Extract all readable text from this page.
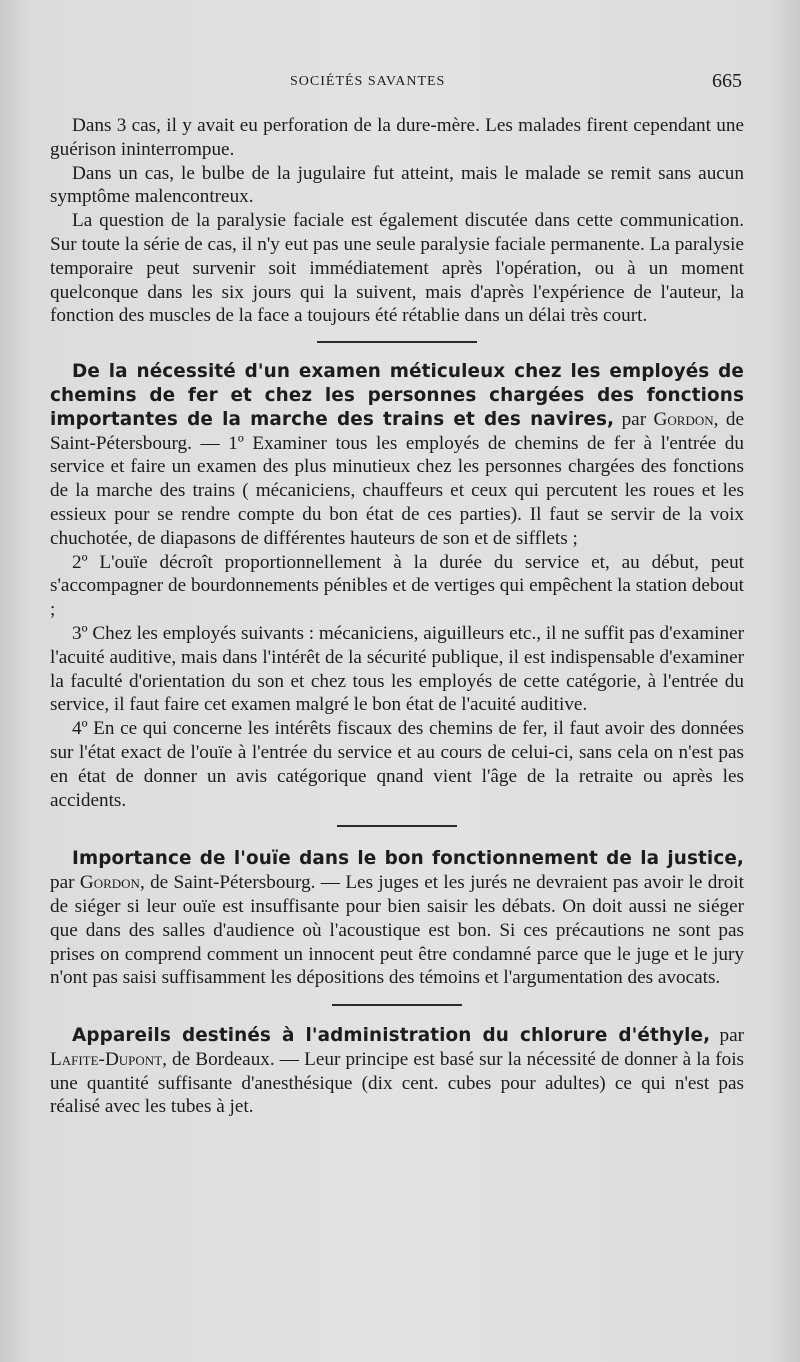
SOCIÉTÉS SAVANTES	665

Dans 3 cas, il y avait eu perforation de la dure-mère. Les malades firent cependant une guérison ininterrompue.

Dans un cas, le bulbe de la jugulaire fut atteint, mais le malade se remit sans aucun symptôme malencontreux.

La question de la paralysie faciale est également discutée dans cette communication. Sur toute la série de cas, il n'y eut pas une seule paralysie faciale permanente. La paralysie temporaire peut survenir soit immédiatement après l'opération, ou à un moment quelconque dans les six jours qui la suivent, mais d'après l'expérience de l'auteur, la fonction des muscles de la face a toujours été rétablie dans un délai très court.

De la nécessité d'un examen méticuleux chez les employés de chemins de fer et chez les personnes chargées des fonctions importantes de la marche des trains et des navires, par Gordon, de Saint-Pétersbourg. — 1º Examiner tous les employés de chemins de fer à l'entrée du service et faire un examen des plus minutieux chez les personnes chargées des fonctions de la marche des trains ( mécaniciens, chauffeurs et ceux qui percutent les roues et les essieux pour se rendre compte du bon état de ces parties). Il faut se servir de la voix chuchotée, de diapasons de différentes hauteurs de son et de sifflets ;

2º L'ouïe décroît proportionnellement à la durée du service et, au début, peut s'accompagner de bourdonnements pénibles et de vertiges qui empêchent la station debout ;

3º Chez les employés suivants : mécaniciens, aiguilleurs etc., il ne suffit pas d'examiner l'acuité auditive, mais dans l'intérêt de la sécurité publique, il est indispensable d'examiner la faculté d'orientation du son et chez tous les employés de cette catégorie, à l'entrée du service, il faut faire cet examen malgré le bon état de l'acuité auditive.

4º En ce qui concerne les intérêts fiscaux des chemins de fer, il faut avoir des données sur l'état exact de l'ouïe à l'entrée du service et au cours de celui-ci, sans cela on n'est pas en état de donner un avis catégorique qnand vient l'âge de la retraite ou après les accidents.

Importance de l'ouïe dans le bon fonctionnement de la justice, par Gordon, de Saint-Pétersbourg. — Les juges et les jurés ne devraient pas avoir le droit de siéger si leur ouïe est insuffisante pour bien saisir les débats. On doit aussi ne siéger que dans des salles d'audience où l'acoustique est bon. Si ces précautions ne sont pas prises on comprend comment un innocent peut être condamné parce que le juge et le jury n'ont pas saisi suffisamment les dépositions des témoins et l'argumentation des avocats.

Appareils destinés à l'administration du chlorure d'éthyle, par Lafite-Dupont, de Bordeaux. — Leur principe est basé sur la nécessité de donner à la fois une quantité suffisante d'anesthésique (dix cent. cubes pour adultes) ce qui n'est pas réalisé avec les tubes à jet.
